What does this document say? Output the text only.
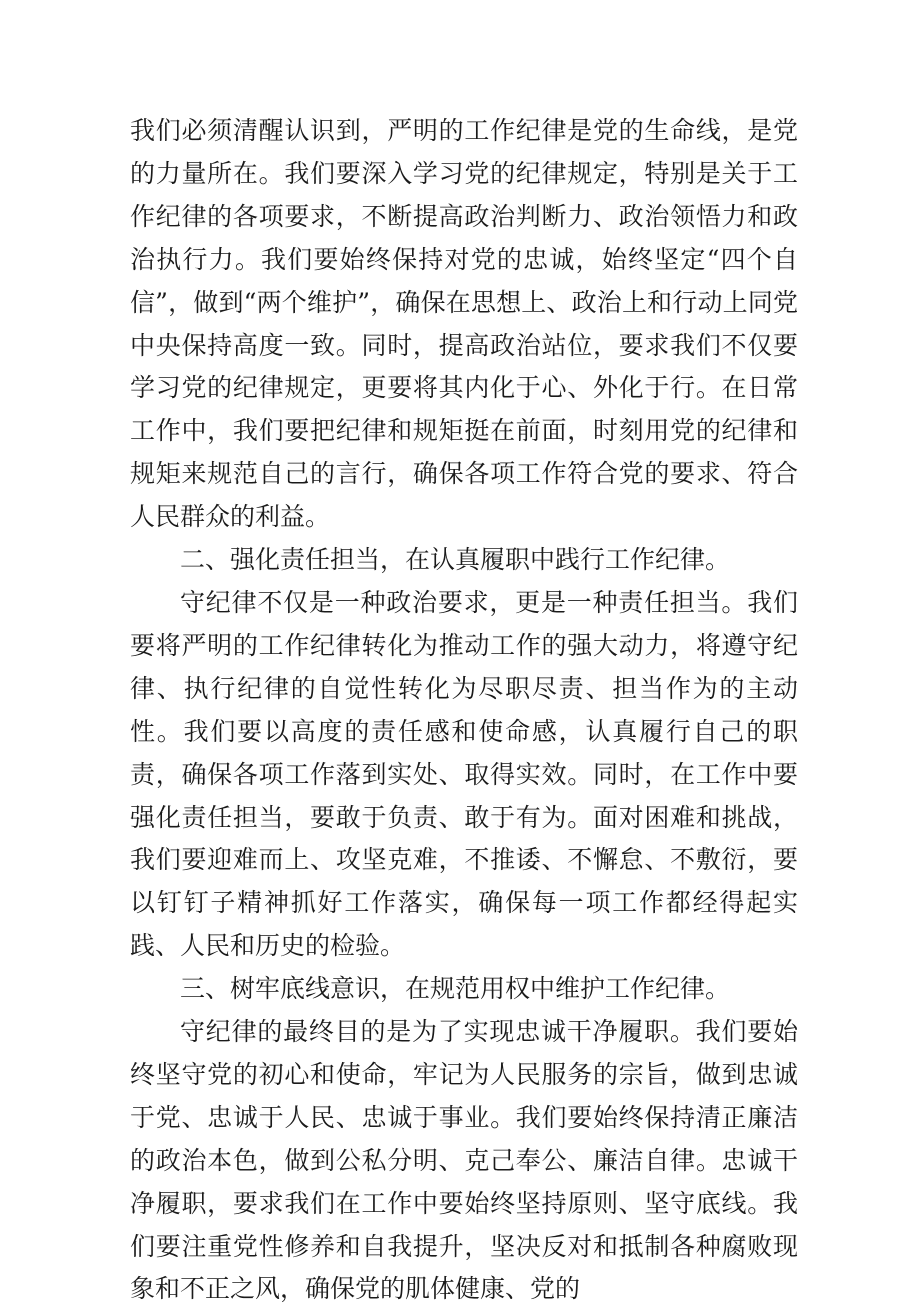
我们必须清醒认识到，严明的工作纪律是党的生命线，是党的力量所在。我们要深入学习党的纪律规定，特别是关于工作纪律的各项要求，不断提高政治判断力、政治领悟力和政治执行力。我们要始终保持对党的忠诚，始终坚定“四个自信”，做到“两个维护”，确保在思想上、政治上和行动上同党中央保持高度一致。同时，提高政治站位，要求我们不仅要学习党的纪律规定，更要将其内化于心、外化于行。在日常工作中，我们要把纪律和规矩挺在前面，时刻用党的纪律和规矩来规范自己的言行，确保各项工作符合党的要求、符合人民群众的利益。

二、强化责任担当，在认真履职中践行工作纪律。

守纪律不仅是一种政治要求，更是一种责任担当。我们要将严明的工作纪律转化为推动工作的强大动力，将遵守纪律、执行纪律的自觉性转化为尽职尽责、担当作为的主动性。我们要以高度的责任感和使命感，认真履行自己的职责，确保各项工作落到实处、取得实效。同时，在工作中要强化责任担当，要敢于负责、敢于有为。面对困难和挑战，我们要迎难而上、攻坚克难，不推诿、不懈怠、不敷衍，要以钉钉子精神抓好工作落实，确保每一项工作都经得起实践、人民和历史的检验。

三、树牢底线意识，在规范用权中维护工作纪律。

守纪律的最终目的是为了实现忠诚干净履职。我们要始终坚守党的初心和使命，牢记为人民服务的宗旨，做到忠诚于党、忠诚于人民、忠诚于事业。我们要始终保持清正廉洁的政治本色，做到公私分明、克己奉公、廉洁自律。忠诚干净履职，要求我们在工作中要始终坚持原则、坚守底线。我们要注重党性修养和自我提升，坚决反对和抵制各种腐败现象和不正之风，确保党的肌体健康、党的
